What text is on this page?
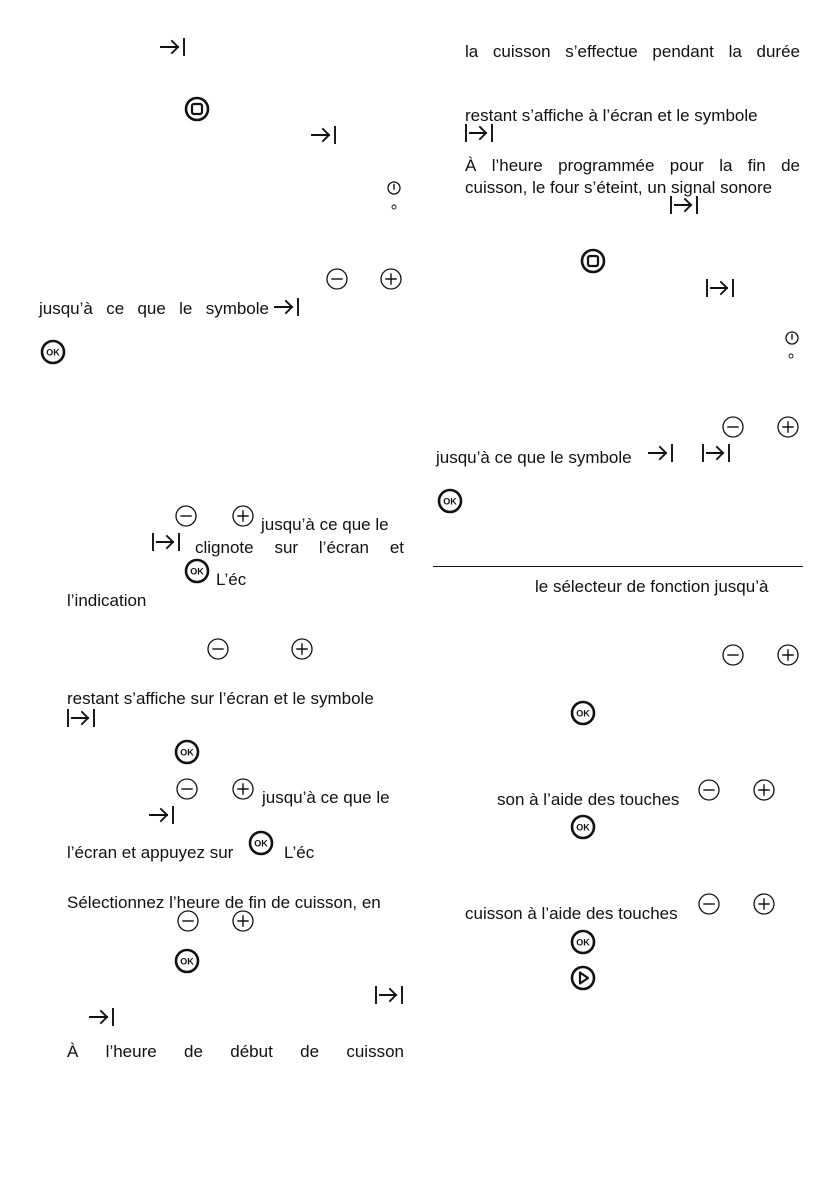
jusqu’à ce que le symbole
OK
jusqu’à ce que le
clignote sur l’écran et
OK L’éc
l’indication
restant s’affiche sur l’écran et le symbole
OK
jusqu’à ce que le
l’écran et appuyez sur OK L’éc
Sélectionnez l’heure de fin de cuisson, en
OK
À l’heure de début de cuisson
la cuisson s’effectue pendant la durée
restant s’affiche à l’écran et le symbole
À l’heure programmée pour la fin de
cuisson, le four s’éteint, un signal sonore
jusqu’à ce que le symbole
OK
le sélecteur de fonction jusqu’à
OK
son à l’aide des touches
OK
cuisson à l’aide des touches
OK
